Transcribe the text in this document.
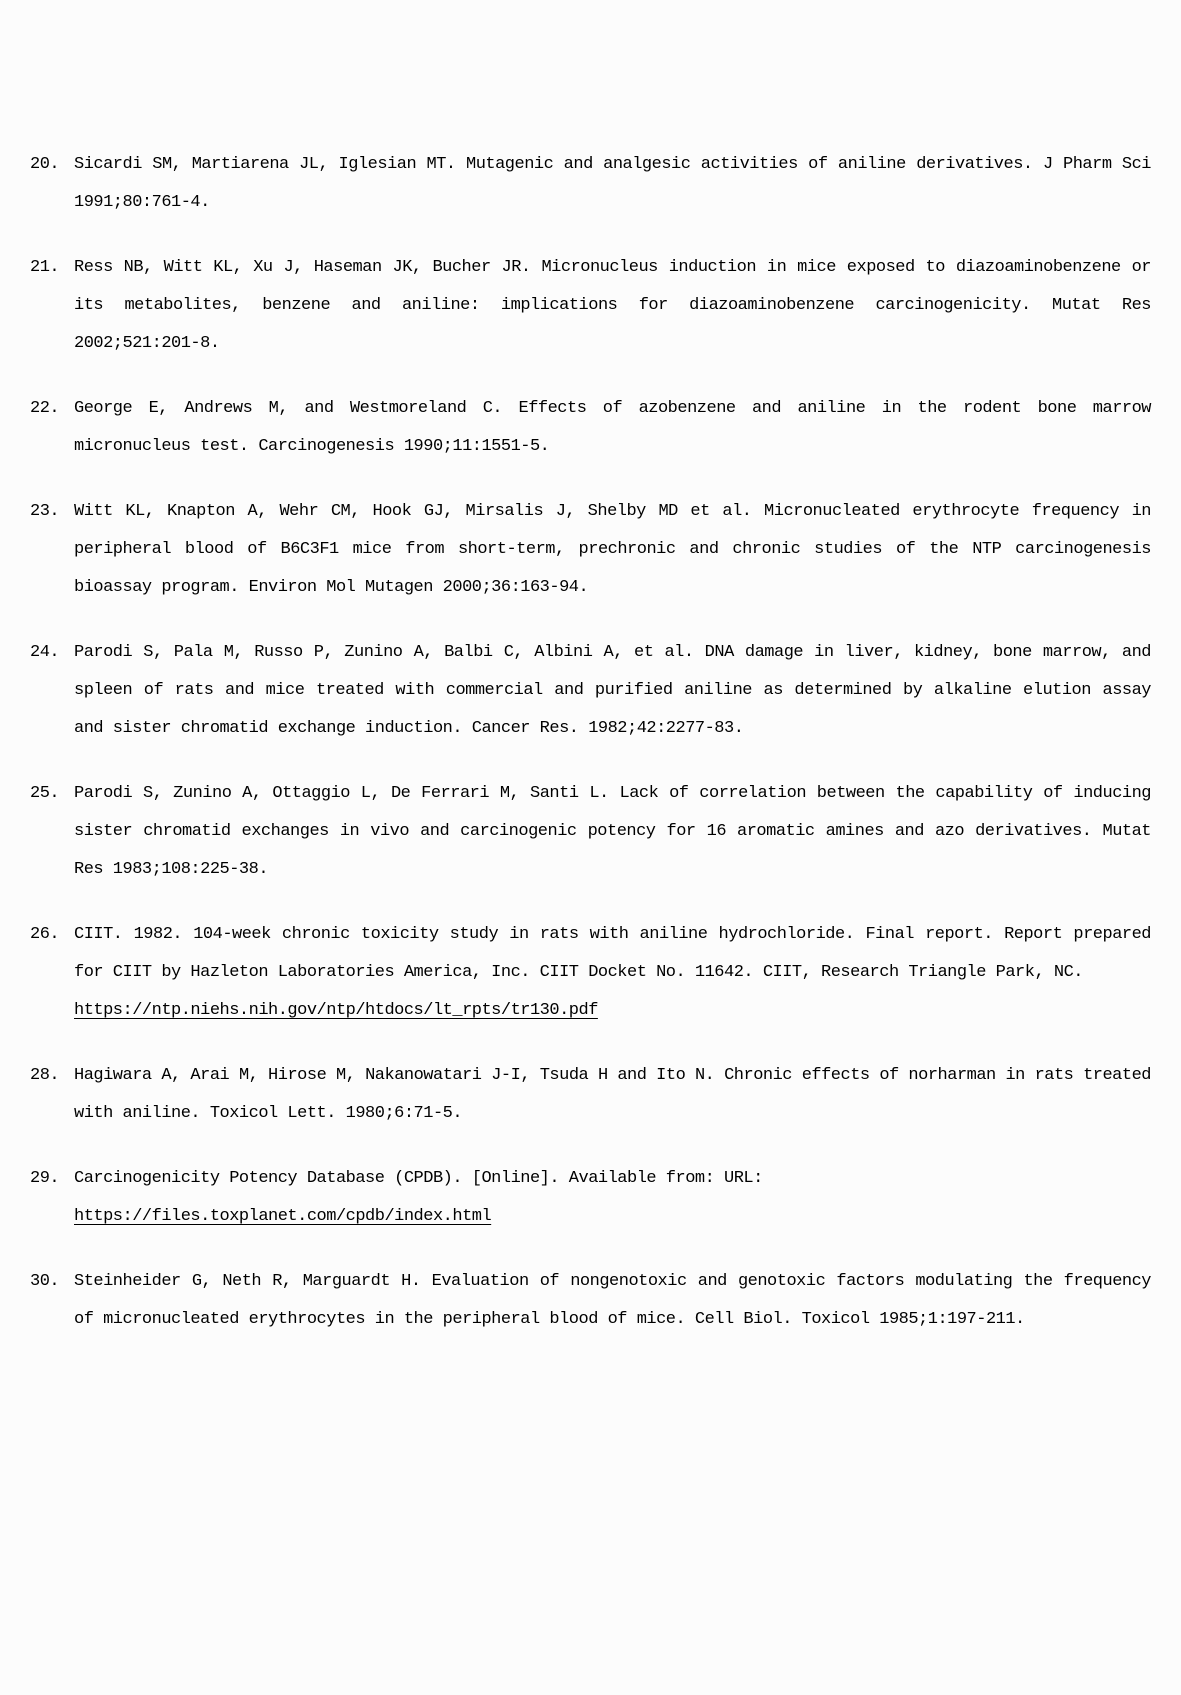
20. Sicardi SM, Martiarena JL, Iglesian MT. Mutagenic and analgesic activities of aniline derivatives. J Pharm Sci 1991;80:761-4.
21. Ress NB, Witt KL, Xu J, Haseman JK, Bucher JR. Micronucleus induction in mice exposed to diazoaminobenzene or its metabolites, benzene and aniline: implications for diazoaminobenzene carcinogenicity. Mutat Res 2002;521:201-8.
22. George E, Andrews M, and Westmoreland C. Effects of azobenzene and aniline in the rodent bone marrow micronucleus test. Carcinogenesis 1990;11:1551-5.
23. Witt KL, Knapton A, Wehr CM, Hook GJ, Mirsalis J, Shelby MD et al. Micronucleated erythrocyte frequency in peripheral blood of B6C3F1 mice from short-term, prechronic and chronic studies of the NTP carcinogenesis bioassay program. Environ Mol Mutagen 2000;36:163-94.
24. Parodi S, Pala M, Russo P, Zunino A, Balbi C, Albini A, et al. DNA damage in liver, kidney, bone marrow, and spleen of rats and mice treated with commercial and purified aniline as determined by alkaline elution assay and sister chromatid exchange induction. Cancer Res. 1982;42:2277-83.
25. Parodi S, Zunino A, Ottaggio L, De Ferrari M, Santi L. Lack of correlation between the capability of inducing sister chromatid exchanges in vivo and carcinogenic potency for 16 aromatic amines and azo derivatives. Mutat Res 1983;108:225-38.
26. CIIT. 1982. 104-week chronic toxicity study in rats with aniline hydrochloride. Final report. Report prepared for CIIT by Hazleton Laboratories America, Inc. CIIT Docket No. 11642. CIIT, Research Triangle Park, NC.
https://ntp.niehs.nih.gov/ntp/htdocs/lt_rpts/tr130.pdf
28. Hagiwara A, Arai M, Hirose M, Nakanowatari J-I, Tsuda H and Ito N. Chronic effects of norharman in rats treated with aniline. Toxicol Lett. 1980;6:71-5.
29. Carcinogenicity Potency Database (CPDB). [Online]. Available from: URL:
https://files.toxplanet.com/cpdb/index.html
30. Steinheider G, Neth R, Marguardt H. Evaluation of nongenotoxic and genotoxic factors modulating the frequency of micronucleated erythrocytes in the peripheral blood of mice. Cell Biol. Toxicol 1985;1:197-211.
